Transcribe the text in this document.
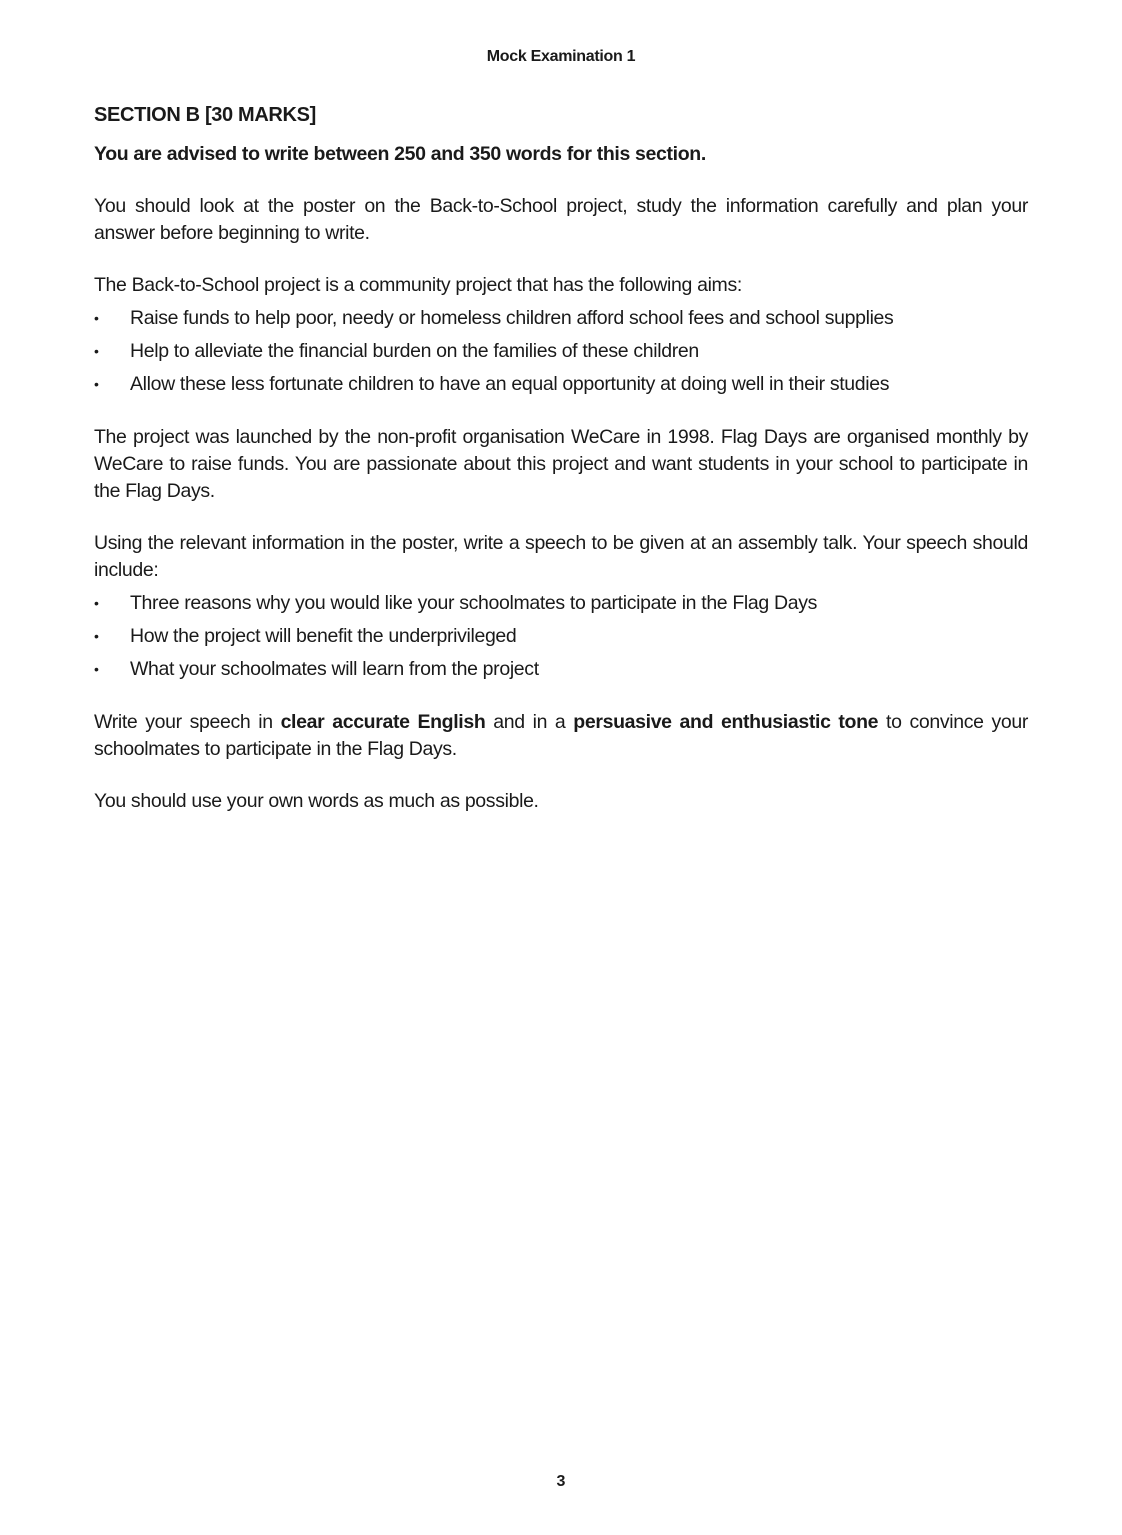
Mock Examination 1

SECTION B [30 MARKS]

You are advised to write between 250 and 350 words for this section.

You should look at the poster on the Back-to-School project, study the information carefully and plan your answer before beginning to write.

The Back-to-School project is a community project that has the following aims:

• Raise funds to help poor, needy or homeless children afford school fees and school supplies
• Help to alleviate the financial burden on the families of these children
• Allow these less fortunate children to have an equal opportunity at doing well in their studies

The project was launched by the non-profit organisation WeCare in 1998. Flag Days are organised monthly by WeCare to raise funds. You are passionate about this project and want students in your school to participate in the Flag Days.

Using the relevant information in the poster, write a speech to be given at an assembly talk. Your speech should include:

• Three reasons why you would like your schoolmates to participate in the Flag Days
• How the project will benefit the underprivileged
• What your schoolmates will learn from the project

Write your speech in clear accurate English and in a persuasive and enthusiastic tone to convince your schoolmates to participate in the Flag Days.

You should use your own words as much as possible.

3
